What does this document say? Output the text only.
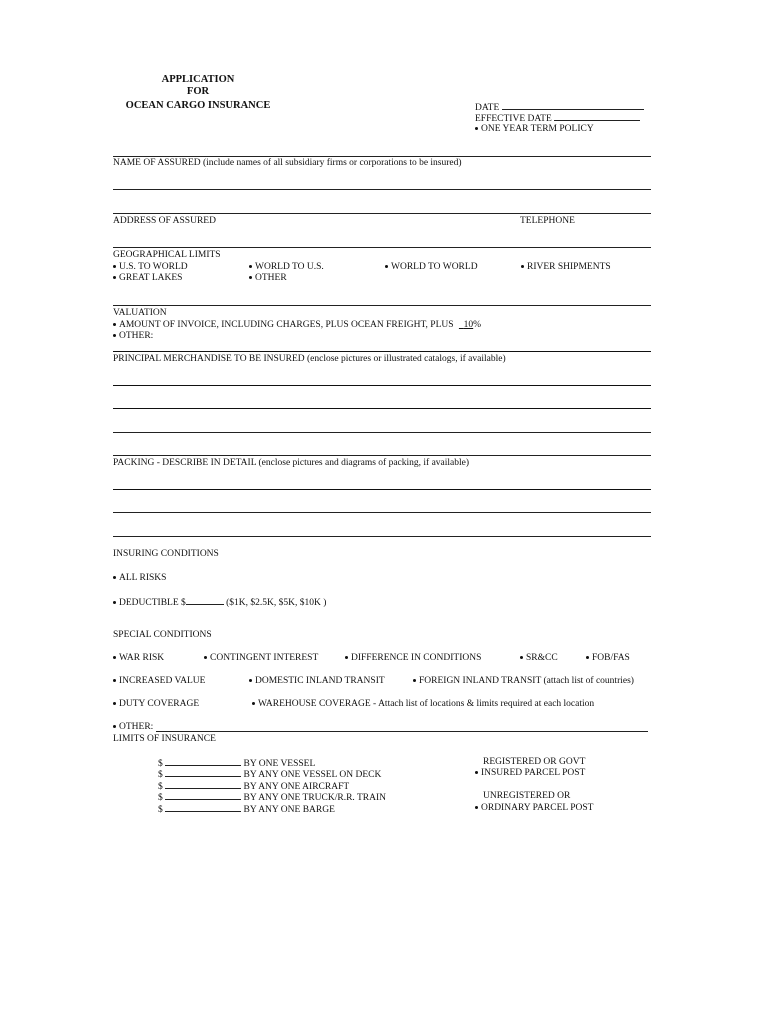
APPLICATION
FOR
OCEAN CARGO INSURANCE	DATE
EFFECTIVE DATE
ONE YEAR TERM POLICY
NAME OF ASSURED (include names of all subsidiary firms or corporations to be insured)
ADDRESS OF ASSURED	TELEPHONE
GEOGRAPHICAL LIMITS
U.S. TO WORLD	WORLD TO U.S.	WORLD TO WORLD	RIVER SHIPMENTS
GREAT LAKES	OTHER
VALUATION
AMOUNT OF INVOICE, INCLUDING CHARGES, PLUS OCEAN FREIGHT, PLUS 10%
OTHER:
PRINCIPAL MERCHANDISE TO BE INSURED (enclose pictures or illustrated catalogs, if available)
PACKING - DESCRIBE IN DETAIL (enclose pictures and diagrams of packing, if available)
INSURING CONDITIONS
ALL RISKS
DEDUCTIBLE $	($1K, $2.5K, $5K, $10K )
SPECIAL CONDITIONS
WAR RISK	CONTINGENT INTEREST	DIFFERENCE IN CONDITIONS	SR&CC	FOB/FAS
INCREASED VALUE	DOMESTIC INLAND TRANSIT	FOREIGN INLAND TRANSIT (attach list of countries)
DUTY COVERAGE	WAREHOUSE COVERAGE - Attach list of locations & limits required at each location
OTHER:
LIMITS OF INSURANCE
$	BY ONE VESSEL
$	BY ANY ONE VESSEL ON DECK
$	BY ANY ONE AIRCRAFT
$	BY ANY ONE TRUCK/R.R. TRAIN
$	BY ANY ONE BARGE
REGISTERED OR GOVT
INSURED PARCEL POST
UNREGISTERED OR
ORDINARY PARCEL POST
